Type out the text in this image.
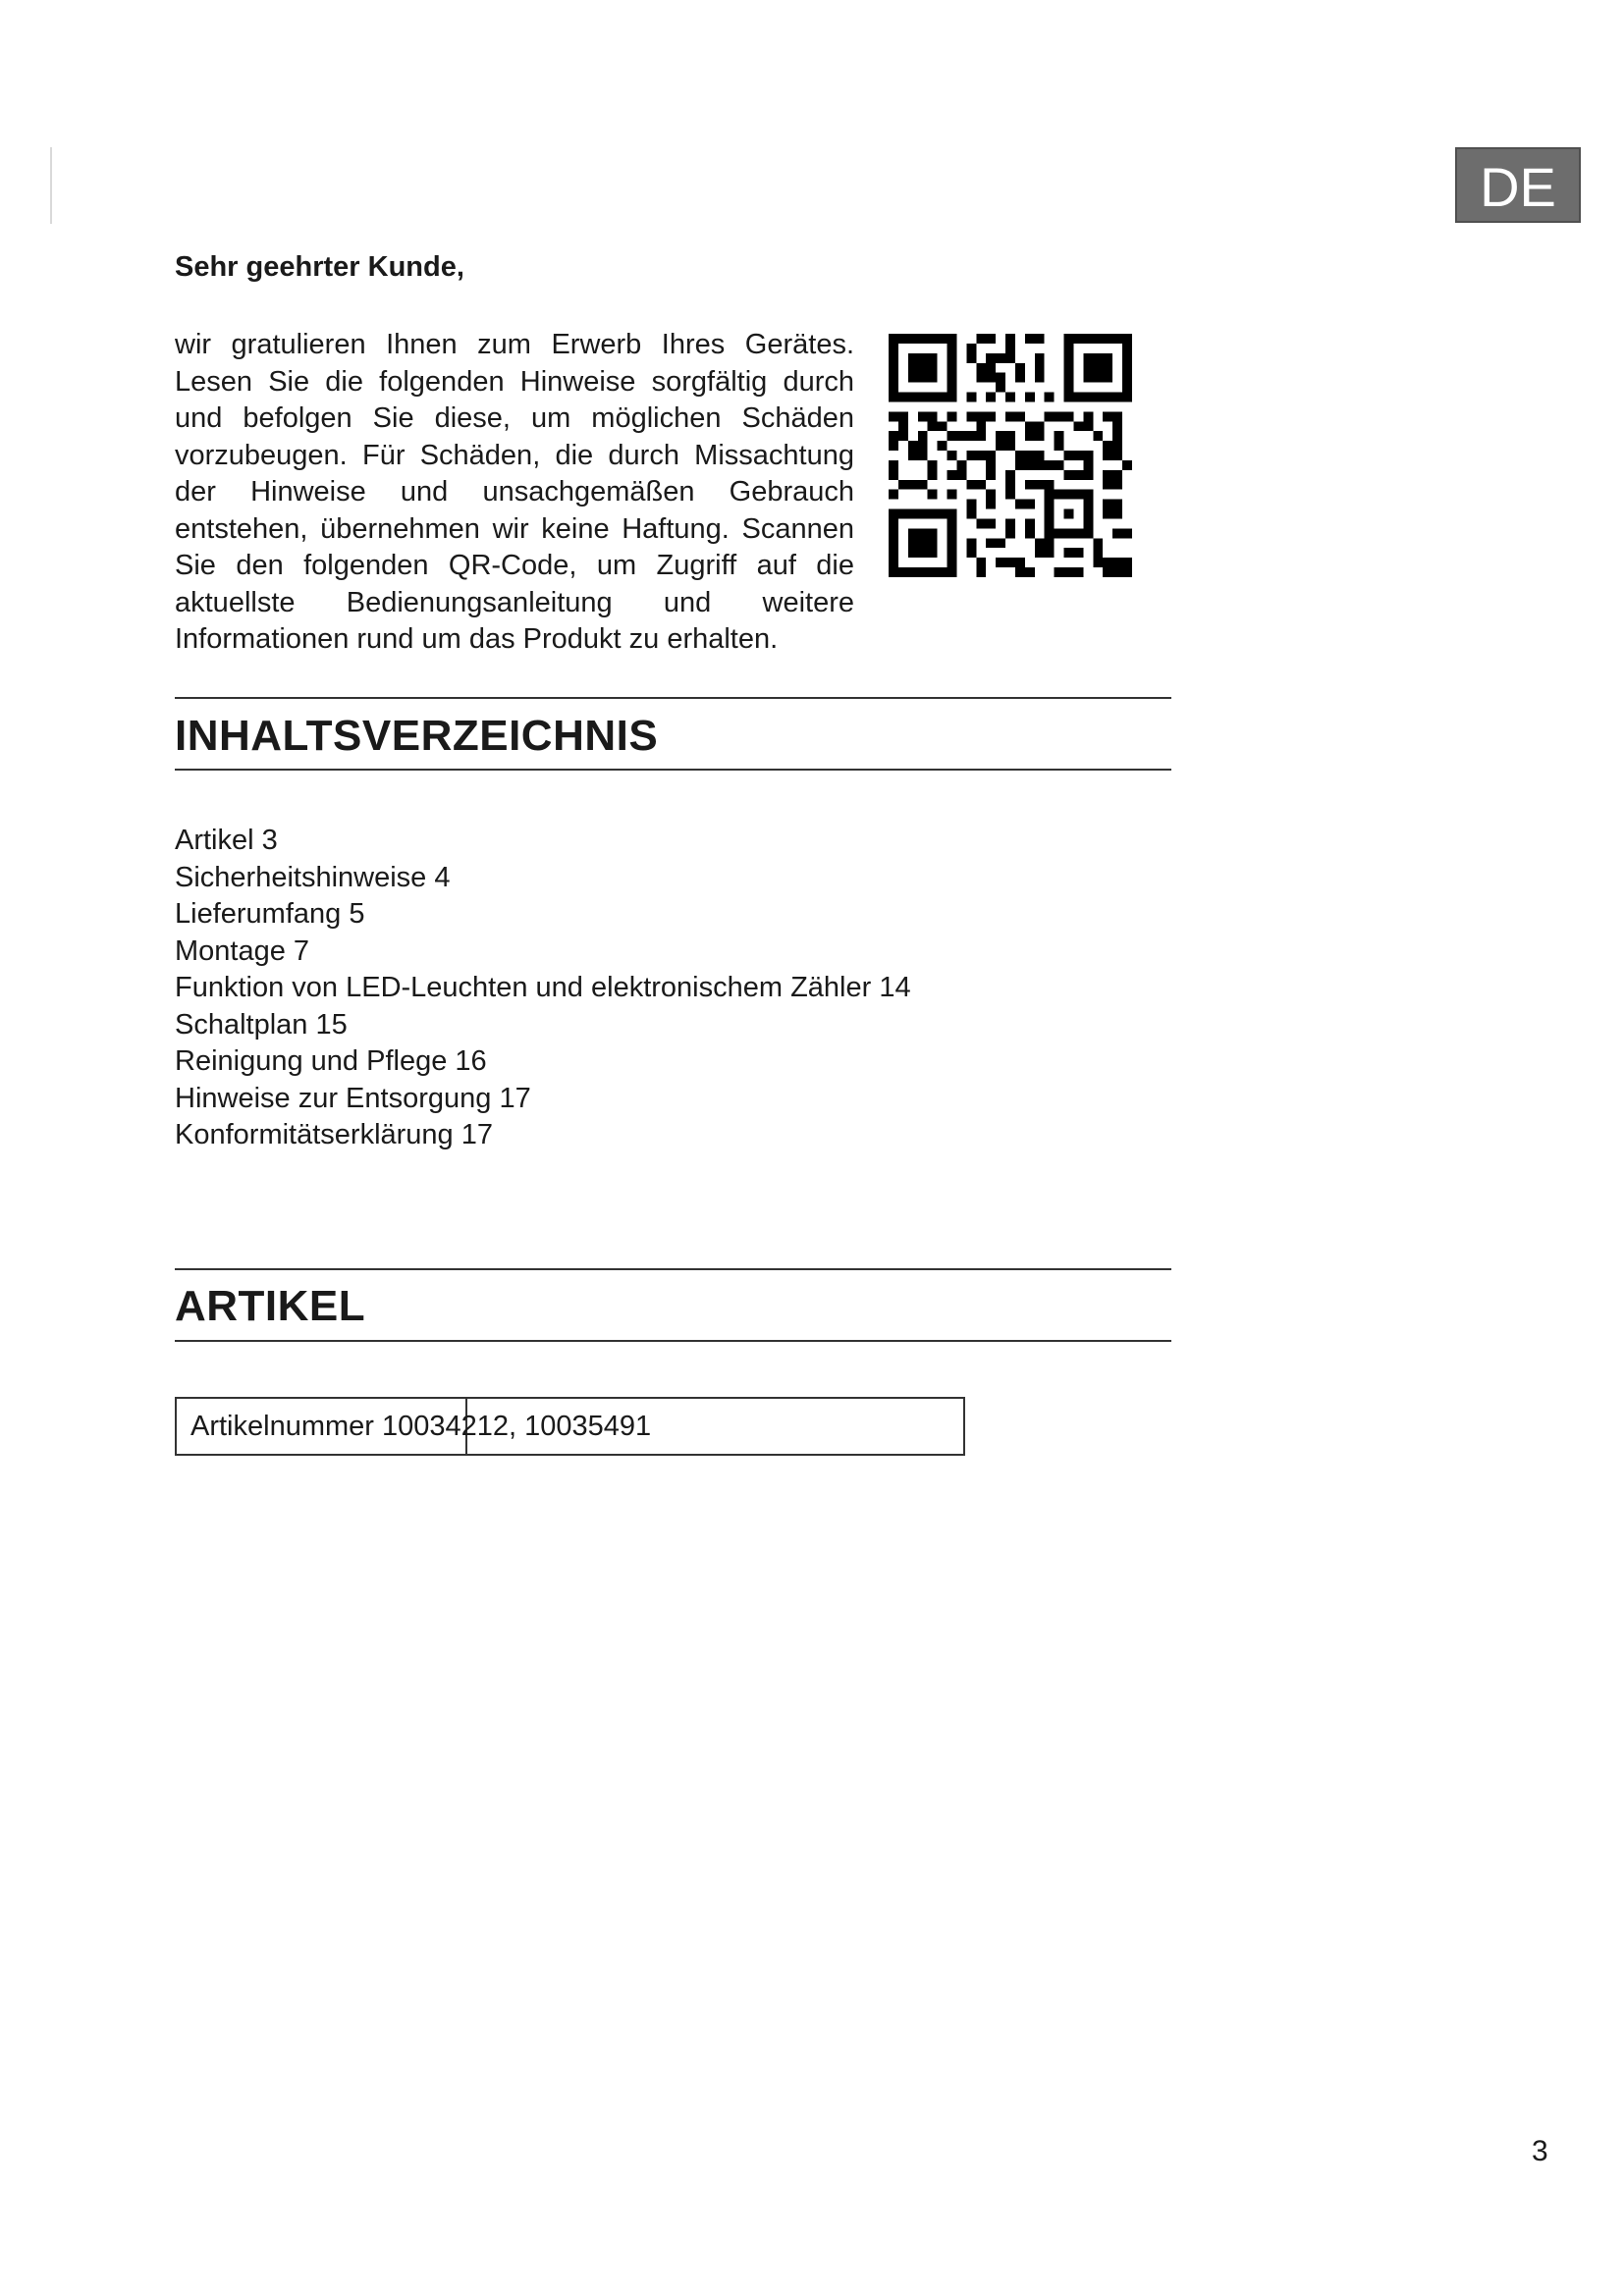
DE
Sehr geehrter Kunde,

wir gratulieren Ihnen zum Erwerb Ihres Gerätes. Lesen Sie die folgenden Hinweise sorgfältig durch und befolgen Sie diese, um möglichen Schäden vorzubeugen. Für Schäden, die durch Missachtung der Hinweise und unsachgemäßen Gebrauch entstehen, übernehmen wir keine Haftung. Scannen Sie den folgenden QR-Code, um Zugriff auf die aktuellste Bedienungsanleitung und weitere Informationen rund um das Produkt zu erhalten.

INHALTSVERZEICHNIS
Artikel 3
Sicherheitshinweise 4
Lieferumfang 5
Montage 7
Funktion von LED-Leuchten und elektronischem Zähler 14
Schaltplan 15
Reinigung und Pflege 16
Hinweise zur Entsorgung 17
Konformitätserklärung 17
ARTIKEL
Artikelnummer 10034212, 10035491
3
